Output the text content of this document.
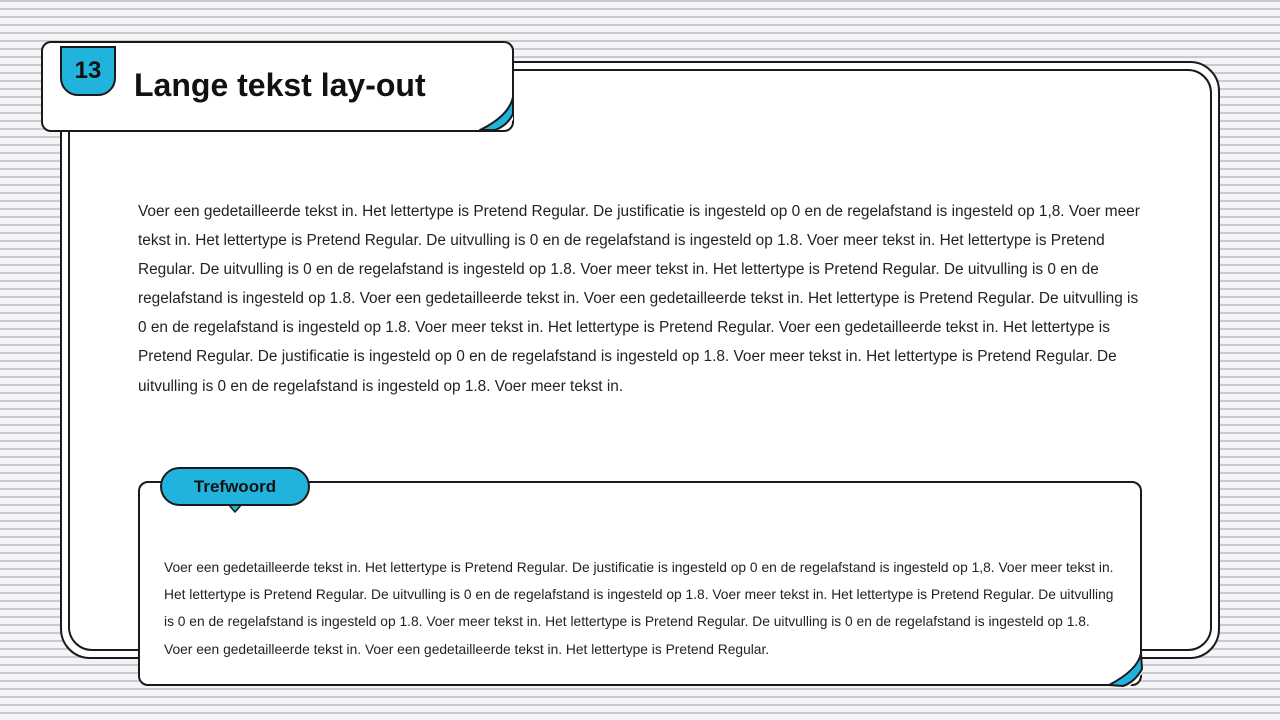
13	Lange tekst lay-out

Voer een gedetailleerde tekst in. Het lettertype is Pretend Regular. De justificatie is ingesteld op 0 en de regelafstand is ingesteld op 1,8. Voer meer tekst in. Het lettertype is Pretend Regular. De uitvulling is 0 en de regelafstand is ingesteld op 1.8. Voer meer tekst in. Het lettertype is Pretend Regular. De uitvulling is 0 en de regelafstand is ingesteld op 1.8. Voer meer tekst in. Het lettertype is Pretend Regular. De uitvulling is 0 en de regelafstand is ingesteld op 1.8. Voer een gedetailleerde tekst in. Voer een gedetailleerde tekst in. Het lettertype is Pretend Regular. De uitvulling is 0 en de regelafstand is ingesteld op 1.8. Voer meer tekst in. Het lettertype is Pretend Regular. Voer een gedetailleerde tekst in. Het lettertype is Pretend Regular. De justificatie is ingesteld op 0 en de regelafstand is ingesteld op 1.8. Voer meer tekst in. Het lettertype is Pretend Regular. De uitvulling is 0 en de regelafstand is ingesteld op 1.8. Voer meer tekst in.

Trefwoord

Voer een gedetailleerde tekst in. Het lettertype is Pretend Regular. De justificatie is ingesteld op 0 en de regelafstand is ingesteld op 1,8. Voer meer tekst in. Het lettertype is Pretend Regular. De uitvulling is 0 en de regelafstand is ingesteld op 1.8. Voer meer tekst in. Het lettertype is Pretend Regular. De uitvulling is 0 en de regelafstand is ingesteld op 1.8. Voer meer tekst in. Het lettertype is Pretend Regular. De uitvulling is 0 en de regelafstand is ingesteld op 1.8. Voer een gedetailleerde tekst in. Voer een gedetailleerde tekst in. Het lettertype is Pretend Regular.
